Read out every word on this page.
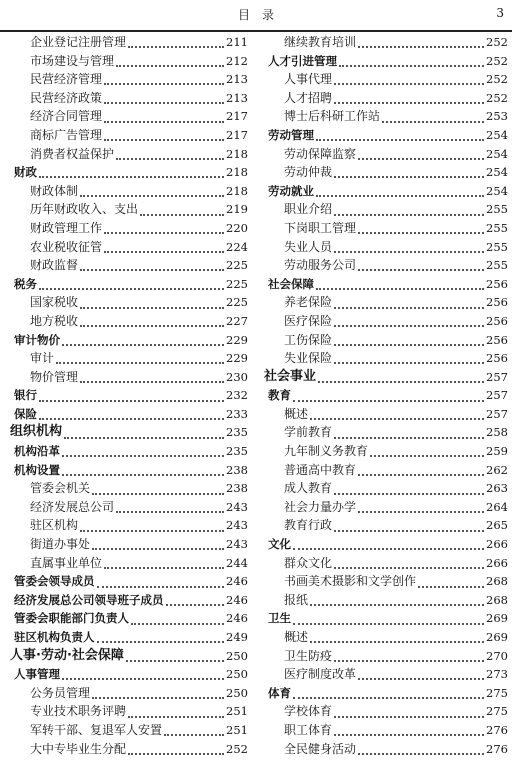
目录	3
企业登记注册管理	211
市场建设与管理	212
民营经济管理	213
民营经济政策	213
经济合同管理	217
商标广告管理	217
消费者权益保护	218
财政	218
财政体制	218
历年财政收入、支出	219
财政管理工作	220
农业税收征管	224
财政监督	225
税务	225
国家税收	225
地方税收	227
审计物价	229
审计	229
物价管理	230
银行	232
保险	233
组织机构	235
机构沿革	235
机构设置	238
管委会机关	238
经济发展总公司	243
驻区机构	243
街道办事处	243
直属事业单位	244
管委会领导成员	246
经济发展总公司领导班子成员	246
管委会职能部门负责人	246
驻区机构负责人	249
人事·劳动·社会保障	250
人事管理	250
公务员管理	250
专业技术职务评聘	251
军转干部、复退军人安置	251
大中专毕业生分配	252
继续教育培训	252
人才引进管理	252
人事代理	252
人才招聘	252
博士后科研工作站	253
劳动管理	254
劳动保障监察	254
劳动仲裁	254
劳动就业	254
职业介绍	255
下岗职工管理	255
失业人员	255
劳动服务公司	255
社会保障	256
养老保险	256
医疗保险	256
工伤保险	256
失业保险	256
社会事业	257
教育	257
概述	257
学前教育	258
九年制义务教育	259
普通高中教育	262
成人教育	263
社会力量办学	264
教育行政	265
文化	266
群众文化	266
书画美术摄影和文学创作	268
报纸	268
卫生	269
概述	269
卫生防疫	270
医疗制度改革	273
体育	275
学校体育	275
职工体育	276
全民健身活动	276
